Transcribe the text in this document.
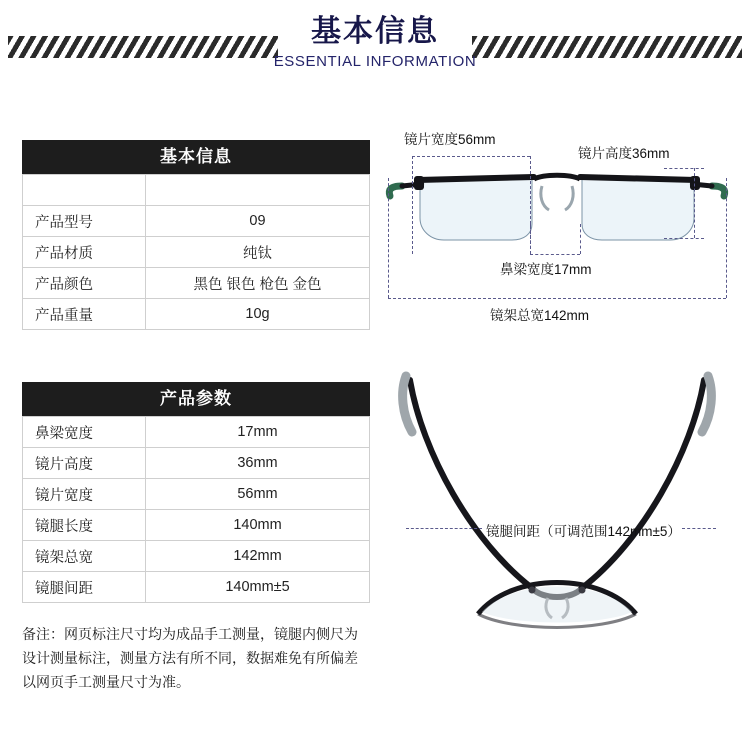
基本信息
ESSENTIAL INFORMATION
基本信息

产品型号	09
产品材质	纯钛
产品颜色	黑色 银色 枪色 金色
产品重量	10g
产品参数
鼻梁宽度	17mm
镜片高度	36mm
镜片宽度	56mm
镜腿长度	140mm
镜架总宽	142mm
镜腿间距	140mm±5
备注：网页标注尺寸均为成品手工测量，镜腿内侧尺为
设计测量标注，测量方法有所不同，数据难免有所偏差
以网页手工测量尺寸为准。
镜片宽度56mm
镜片高度36mm
鼻梁宽度17mm
镜架总宽142mm
镜腿间距（可调范围142mm±5）
